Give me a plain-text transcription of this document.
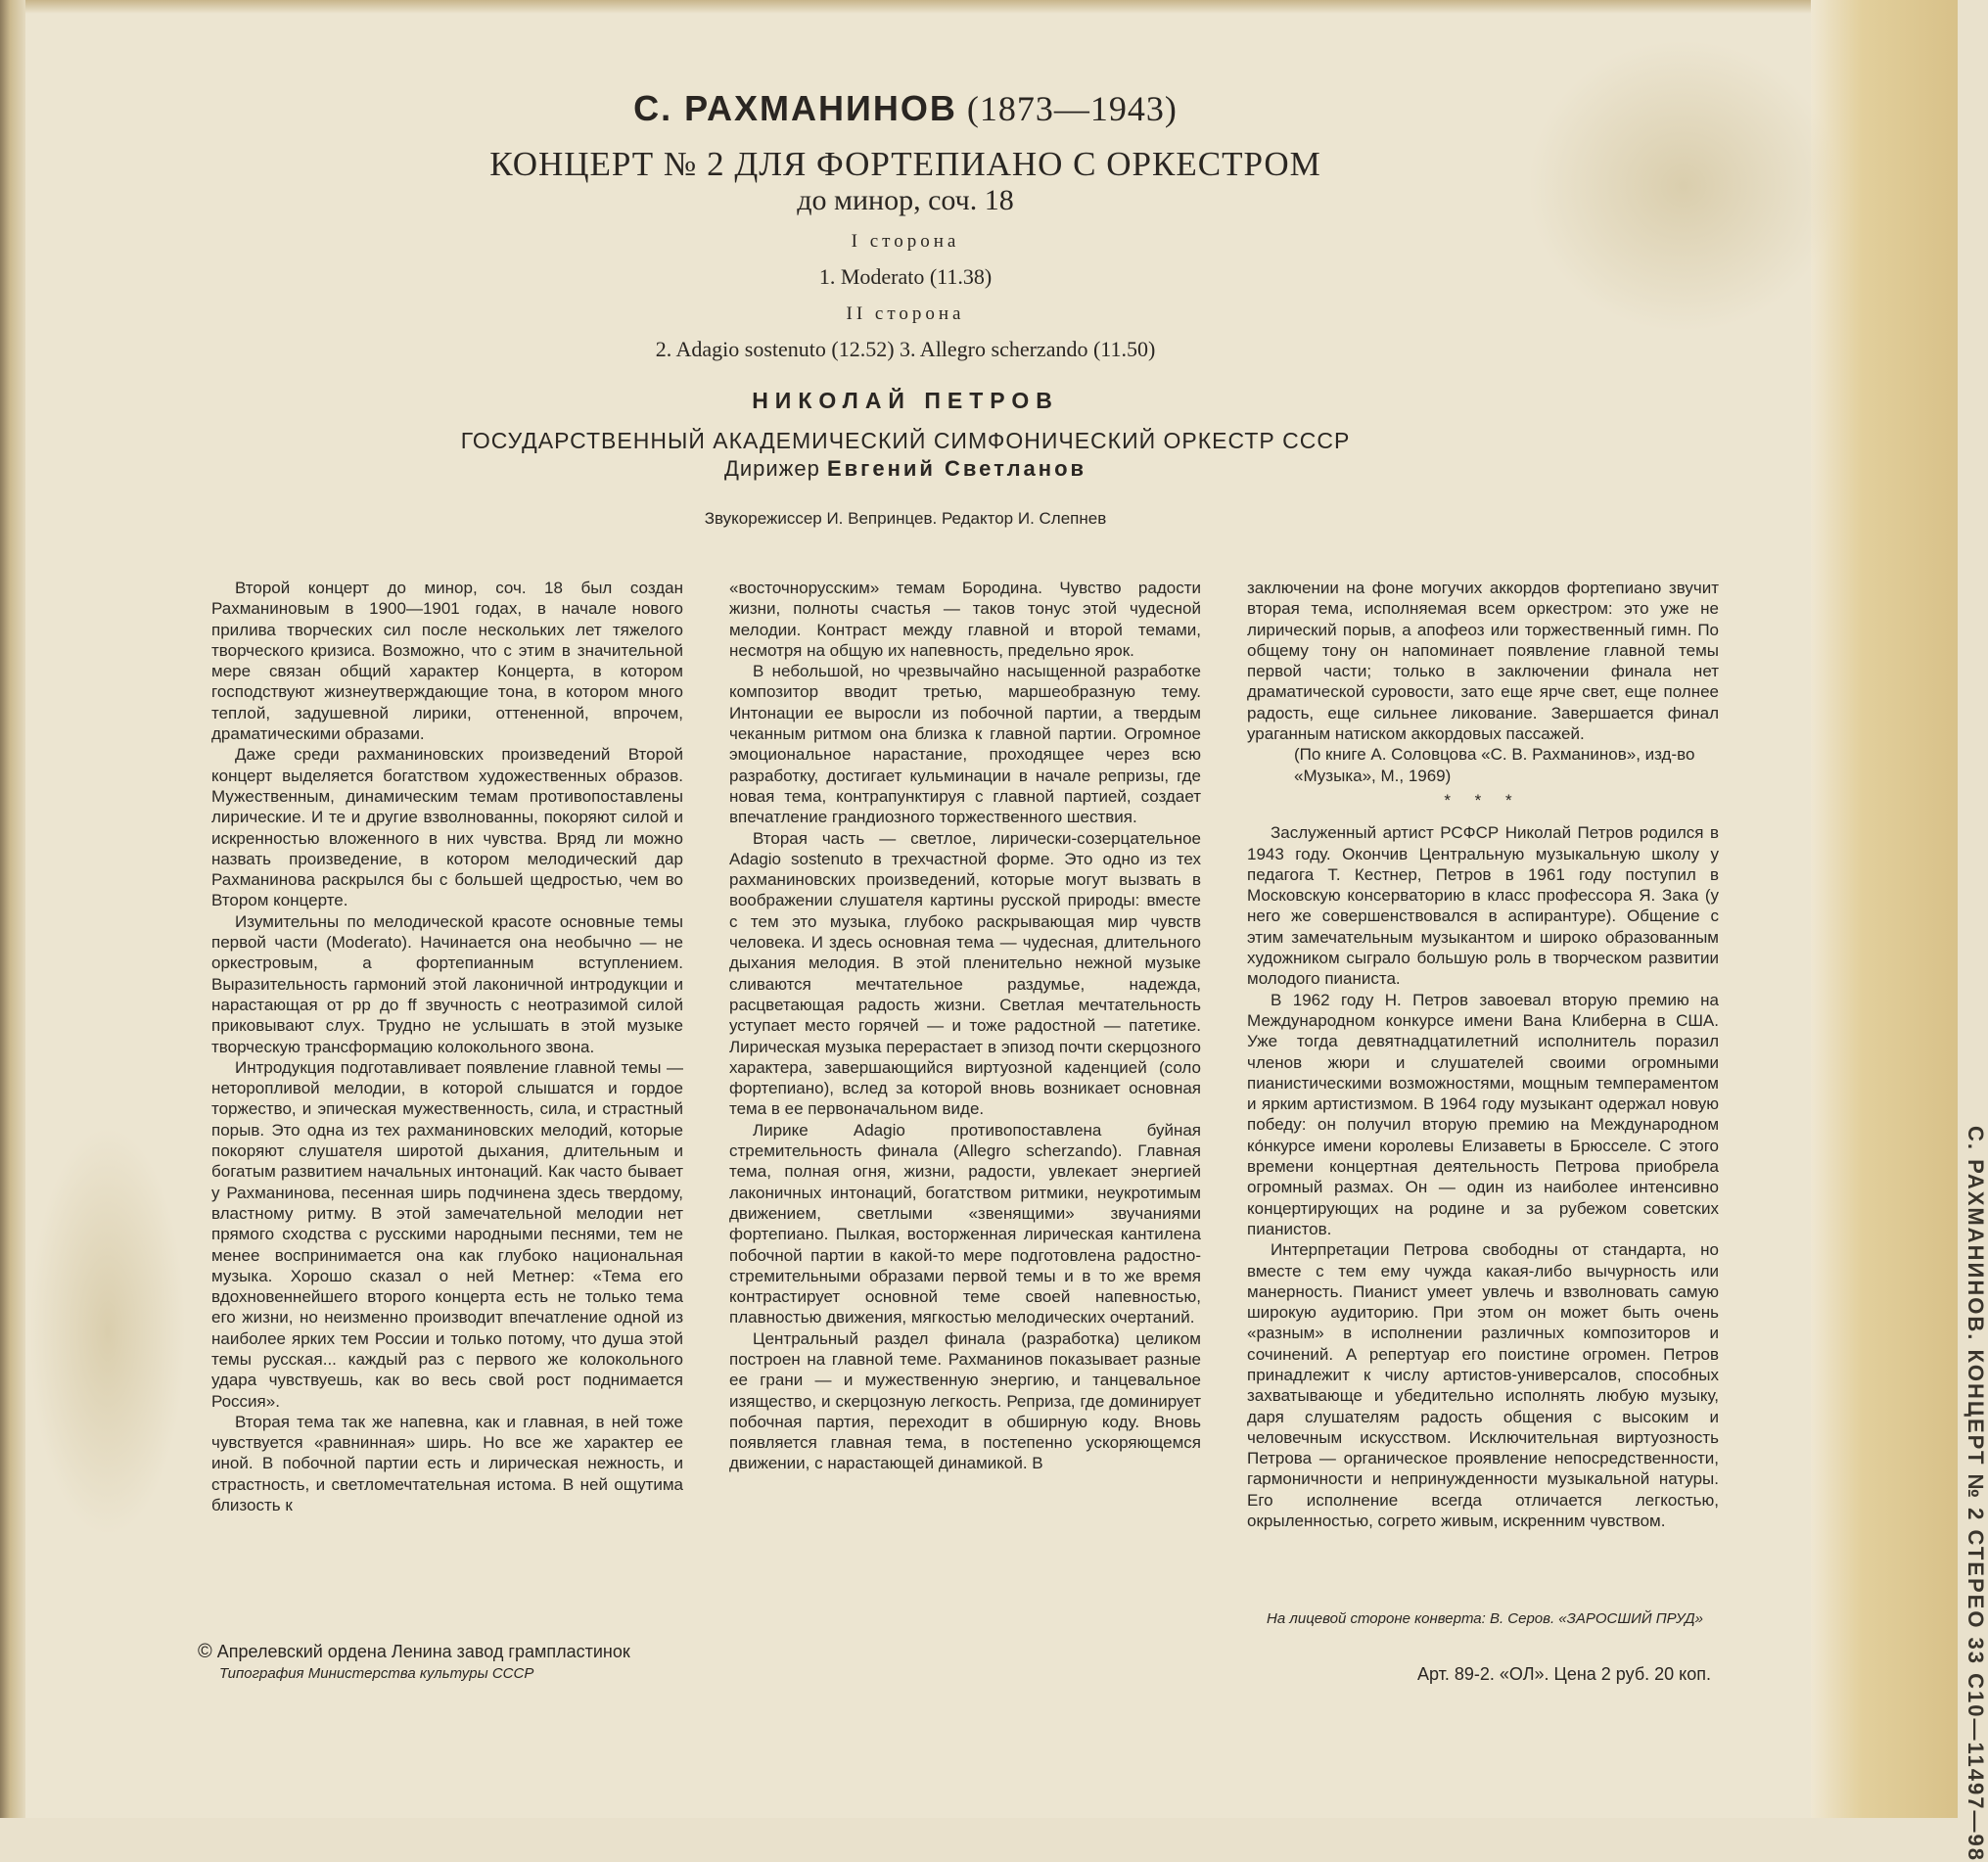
С. РАХМАНИНОВ (1873—1943)

КОНЦЕРТ № 2 ДЛЯ ФОРТЕПИАНО С ОРКЕСТРОМ

до минор, соч. 18

I сторона

1. Moderato (11.38)

II сторона

2. Adagio sostenuto (12.52) 3. Allegro scherzando (11.50)

НИКОЛАЙ ПЕТРОВ

ГОСУДАРСТВЕННЫЙ АКАДЕМИЧЕСКИЙ СИМФОНИЧЕСКИЙ ОРКЕСТР СССР

Дирижер Евгений Светланов

Звукорежиссер И. Вепринцев. Редактор И. Слепнев

Второй концерт до минор, соч. 18 был создан Рахманиновым в 1900—1901 годах, в начале нового прилива творческих сил после нескольких лет тяжелого творческого кризиса. Возможно, что с этим в значительной мере связан общий характер Концерта, в котором господствуют жизнеутверждающие тона, в котором много теплой, задушевной лирики, оттененной, впрочем, драматическими образами.

Даже среди рахманиновских произведений Второй концерт выделяется богатством художественных образов. Мужественным, динамическим темам противопоставлены лирические. И те и другие взволнованны, покоряют силой и искренностью вложенного в них чувства. Вряд ли можно назвать произведение, в котором мелодический дар Рахманинова раскрылся бы с большей щедростью, чем во Втором концерте.

Изумительны по мелодической красоте основные темы первой части (Moderato). Начинается она необычно — не оркестровым, а фортепианным вступлением. Выразительность гармоний этой лаконичной интродукции и нарастающая от pp до ff звучность с неотразимой силой приковывают слух. Трудно не услышать в этой музыке творческую трансформацию колокольного звона.

Интродукция подготавливает появление главной темы — неторопливой мелодии, в которой слышатся и гордое торжество, и эпическая мужественность, сила, и страстный порыв. Это одна из тех рахманиновских мелодий, которые покоряют слушателя широтой дыхания, длительным и богатым развитием начальных интонаций. Как часто бывает у Рахманинова, песенная ширь подчинена здесь твердому, властному ритму. В этой замечательной мелодии нет прямого сходства с русскими народными песнями, тем не менее воспринимается она как глубоко национальная музыка. Хорошо сказал о ней Метнер: «Тема его вдохновеннейшего второго концерта есть не только тема его жизни, но неизменно производит впечатление одной из наиболее ярких тем России и только потому, что душа этой темы русская... каждый раз с первого же колокольного удара чувствуешь, как во весь свой рост поднимается Россия».

Вторая тема так же напевна, как и главная, в ней тоже чувствуется «равнинная» ширь. Но все же характер ее иной. В побочной партии есть и лирическая нежность, и страстность, и светломечтательная истома. В ней ощутима близость к

«восточнорусским» темам Бородина. Чувство радости жизни, полноты счастья — таков тонус этой чудесной мелодии. Контраст между главной и второй темами, несмотря на общую их напевность, предельно ярок.

В небольшой, но чрезвычайно насыщенной разработке композитор вводит третью, маршеобразную тему. Интонации ее выросли из побочной партии, а твердым чеканным ритмом она близка к главной партии. Огромное эмоциональное нарастание, проходящее через всю разработку, достигает кульминации в начале репризы, где новая тема, контрапунктируя с главной партией, создает впечатление грандиозного торжественного шествия.

Вторая часть — светлое, лирически-созерцательное Adagio sostenuto в трехчастной форме. Это одно из тех рахманиновских произведений, которые могут вызвать в воображении слушателя картины русской природы: вместе с тем это музыка, глубоко раскрывающая мир чувств человека. И здесь основная тема — чудесная, длительного дыхания мелодия. В этой пленительно нежной музыке сливаются мечтательное раздумье, надежда, расцветающая радость жизни. Светлая мечтательность уступает место горячей — и тоже радостной — патетике. Лирическая музыка перерастает в эпизод почти скерцозного характера, завершающийся виртуозной каденцией (соло фортепиано), вслед за которой вновь возникает основная тема в ее первоначальном виде.

Лирике Adagio противопоставлена буйная стремительность финала (Allegro scherzando). Главная тема, полная огня, жизни, радости, увлекает энергией лаконичных интонаций, богатством ритмики, неукротимым движением, светлыми «звенящими» звучаниями фортепиано. Пылкая, восторженная лирическая кантилена побочной партии в какой-то мере подготовлена радостно-стремительными образами первой темы и в то же время контрастирует основной теме своей напевностью, плавностью движения, мягкостью мелодических очертаний.

Центральный раздел финала (разработка) целиком построен на главной теме. Рахманинов показывает разные ее грани — и мужественную энергию, и танцевальное изящество, и скерцозную легкость. Реприза, где доминирует побочная партия, переходит в обширную коду. Вновь появляется главная тема, в постепенно ускоряющемся движении, с нарастающей динамикой. В

заключении на фоне могучих аккордов фортепиано звучит вторая тема, исполняемая всем оркестром: это уже не лирический порыв, а апофеоз или торжественный гимн. По общему тону он напоминает появление главной темы первой части; только в заключении финала нет драматической суровости, зато еще ярче свет, еще полнее радость, еще сильнее ликование. Завершается финал ураганным натиском аккордовых пассажей.

(По книге А. Соловцова «С. В. Рахманинов», изд-во «Музыка», М., 1969)

* * *

Заслуженный артист РСФСР Николай Петров родился в 1943 году. Окончив Центральную музыкальную школу у педагога Т. Кестнер, Петров в 1961 году поступил в Московскую консерваторию в класс профессора Я. Зака (у него же совершенствовался в аспирантуре). Общение с этим замечательным музыкантом и широко образованным художником сыграло большую роль в творческом развитии молодого пианиста.

В 1962 году Н. Петров завоевал вторую премию на Международном конкурсе имени Вана Клиберна в США. Уже тогда девятнадцатилетний исполнитель поразил членов жюри и слушателей своими огромными пианистическими возможностями, мощным темпераментом и ярким артистизмом. В 1964 году музыкант одержал новую победу: он получил вторую премию на Международном ко́нкурсе имени королевы Елизаветы в Брюсселе. С этого времени концертная деятельность Петрова приобрела огромный размах. Он — один из наиболее интенсивно концертирующих на родине и за рубежом советских пианистов.

Интерпретации Петрова свободны от стандарта, но вместе с тем ему чужда какая-либо вычурность или манерность. Пианист умеет увлечь и взволновать самую широкую аудиторию. При этом он может быть очень «разным» в исполнении различных композиторов и сочинений. А репертуар его поистине огромен. Петров принадлежит к числу артистов-универсалов, способных захватывающе и убедительно исполнять любую музыку, даря слушателям радость общения с высоким и человечным искусством. Исключительная виртуозность Петрова — органическое проявление непосредственности, гармоничности и непринужденности музыкальной натуры. Его исполнение всегда отличается легкостью, окрыленностью, согрето живым, искренним чувством.

На лицевой стороне конверта: В. Серов. «ЗАРОСШИЙ ПРУД»

© Апрелевский ордена Ленина завод грампластинок

Типография Министерства культуры СССР	Арт. 89-2. «ОЛ». Цена 2 руб. 20 коп.	С. РАХМАНИНОВ. КОНЦЕРТ № 2 СТЕРЕО 33 С10—11497—98
